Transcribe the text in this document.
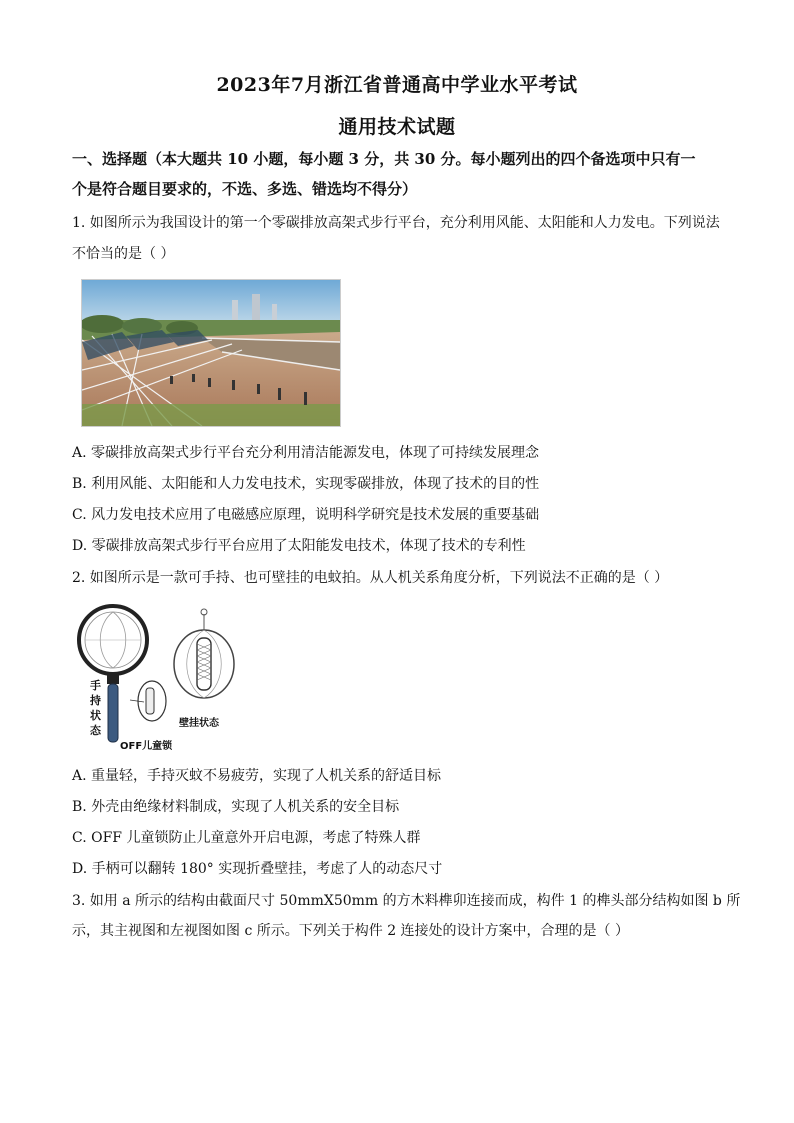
2023年7月浙江省普通高中学业水平考试
通用技术试题
一、选择题（本大题共 10 小题，每小题 3 分，共 30 分。每小题列出的四个备选项中只有一
个是符合题目要求的，不选、多选、错选均不得分）
1. 如图所示为我国设计的第一个零碳排放高架式步行平台，充分利用风能、太阳能和人力发电。下列说法
不恰当的是（ ）
A. 零碳排放高架式步行平台充分利用清洁能源发电，体现了可持续发展理念
B. 利用风能、太阳能和人力发电技术，实现零碳排放，体现了技术的目的性
C. 风力发电技术应用了电磁感应原理，说明科学研究是技术发展的重要基础
D. 零碳排放高架式步行平台应用了太阳能发电技术，体现了技术的专利性
2. 如图所示是一款可手持、也可壁挂的电蚊拍。从人机关系角度分析，下列说法不正确的是（ ）
手持状态
壁挂状态
OFF儿童锁
A. 重量轻，手持灭蚊不易疲劳，实现了人机关系的舒适目标
B. 外壳由绝缘材料制成，实现了人机关系的安全目标
C. OFF 儿童锁防止儿童意外开启电源，考虑了特殊人群
D. 手柄可以翻转 180° 实现折叠壁挂，考虑了人的动态尺寸
3. 如用 a 所示的结构由截面尺寸 50mmX50mm 的方木料榫卯连接而成，构件 1 的榫头部分结构如图 b 所
示，其主视图和左视图如图 c 所示。下列关于构件 2 连接处的设计方案中，合理的是（ ）
